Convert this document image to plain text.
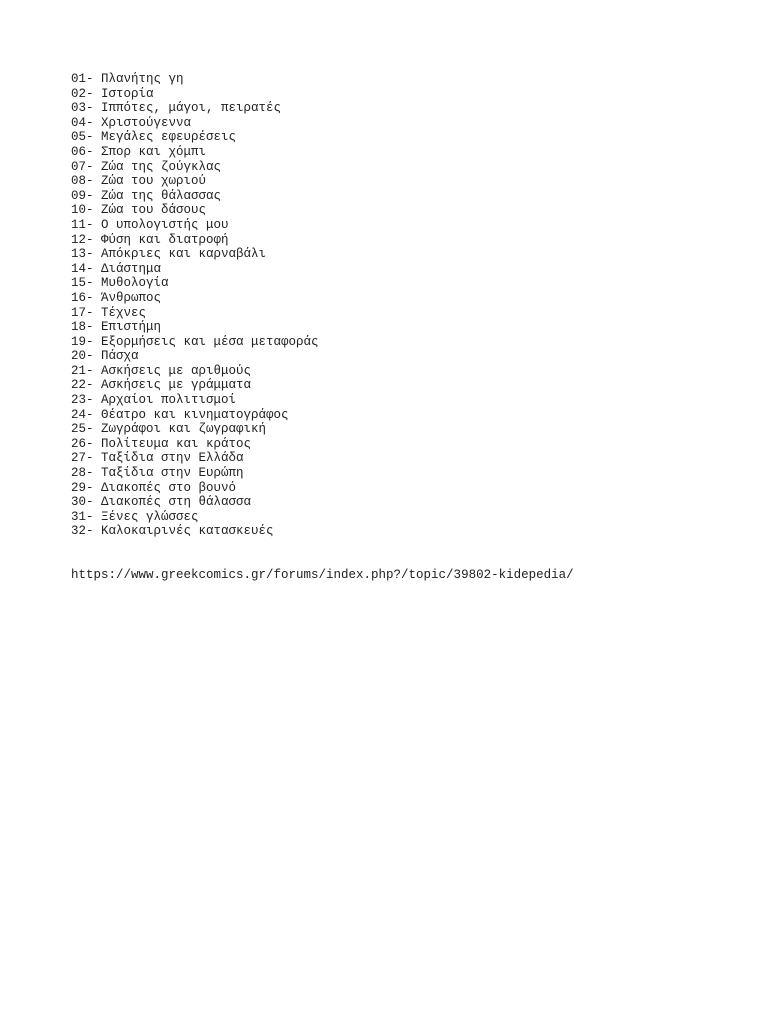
01- Πλανήτης γη
02- Ιστορία
03- Ιππότες, μάγοι, πειρατές
04- Χριστούγεννα
05- Μεγάλες εφευρέσεις
06- Σπορ και χόμπι
07- Ζώα της ζούγκλας
08- Ζώα του χωριού
09- Ζώα της θάλασσας
10- Ζώα του δάσους
11- Ο υπολογιστής μου
12- Φύση και διατροφή
13- Απόκριες και καρναβάλι
14- Διάστημα
15- Μυθολογία
16- Άνθρωπος
17- Τέχνες
18- Επιστήμη
19- Εξορμήσεις και μέσα μεταφοράς
20- Πάσχα
21- Ασκήσεις με αριθμούς
22- Ασκήσεις με γράμματα
23- Αρχαίοι πολιτισμοί
24- Θέατρο και κινηματογράφος
25- Ζωγράφοι και ζωγραφική
26- Πολίτευμα και κράτος
27- Ταξίδια στην Ελλάδα
28- Ταξίδια στην Ευρώπη
29- Διακοπές στο βουνό
30- Διακοπές στη θάλασσα
31- Ξένες γλώσσες
32- Καλοκαιρινές κατασκευές
https://www.greekcomics.gr/forums/index.php?/topic/39802-kidepedia/
